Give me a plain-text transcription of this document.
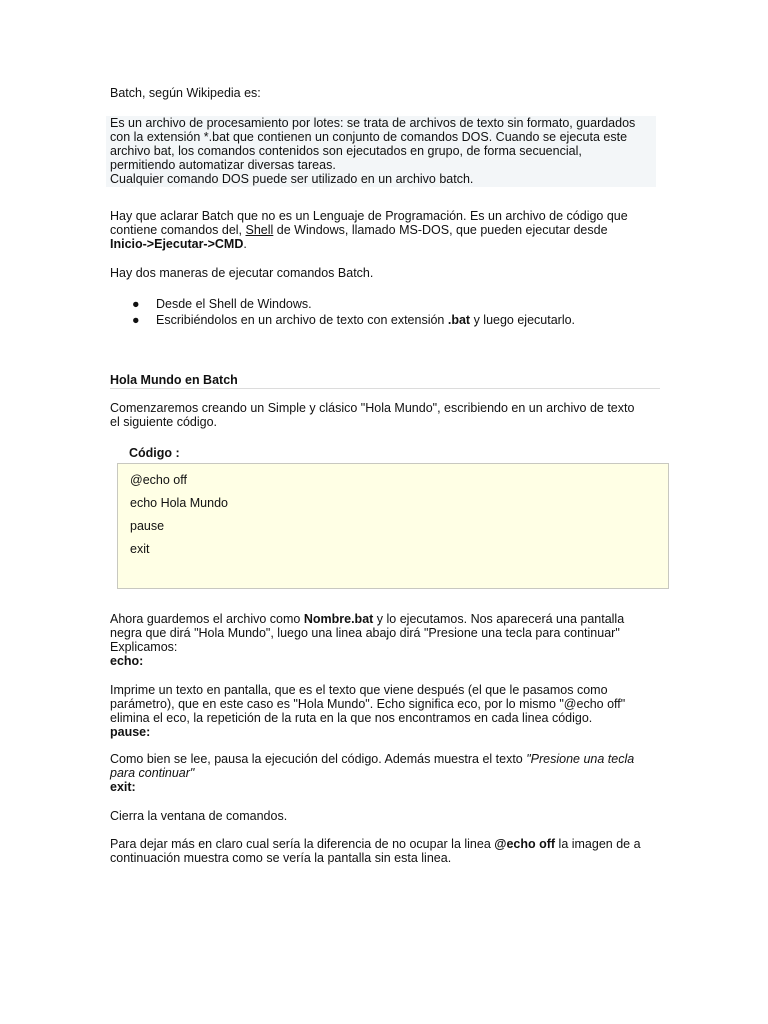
Batch, según Wikipedia es:

Es un archivo de procesamiento por lotes: se trata de archivos de texto sin formato, guardados

con la extensión *.bat que contienen un conjunto de comandos DOS. Cuando se ejecuta este

archivo bat, los comandos contenidos son ejecutados en grupo, de forma secuencial,

permitiendo automatizar diversas tareas.

Cualquier comando DOS puede ser utilizado en un archivo batch.

Hay que aclarar Batch que no es un Lenguaje de Programación. Es un archivo de código que

contiene comandos del, Shell de Windows, llamado MS-DOS, que pueden ejecutar desde

Inicio->Ejecutar->CMD.

Hay dos maneras de ejecutar comandos Batch.

● Desde el Shell de Windows.
● Escribiéndolos en un archivo de texto con extensión .bat y luego ejecutarlo.
Hola Mundo en Batch

Comenzaremos creando un Simple y clásico "Hola Mundo", escribiendo en un archivo de texto

el siguiente código.

Código :
@echo off
echo Hola Mundo
pause
exit

Ahora guardemos el archivo como Nombre.bat y lo ejecutamos. Nos aparecerá una pantalla

negra que dirá "Hola Mundo", luego una linea abajo dirá "Presione una tecla para continuar"

Explicamos:

echo:

Imprime un texto en pantalla, que es el texto que viene después (el que le pasamos como

parámetro), que en este caso es "Hola Mundo". Echo significa eco, por lo mismo "@echo off"

elimina el eco, la repetición de la ruta en la que nos encontramos en cada linea código.

pause:

Como bien se lee, pausa la ejecución del código. Además muestra el texto "Presione una tecla

para continuar"

exit:

Cierra la ventana de comandos.

Para dejar más en claro cual sería la diferencia de no ocupar la linea @echo off la imagen de a

continuación muestra como se vería la pantalla sin esta linea.
